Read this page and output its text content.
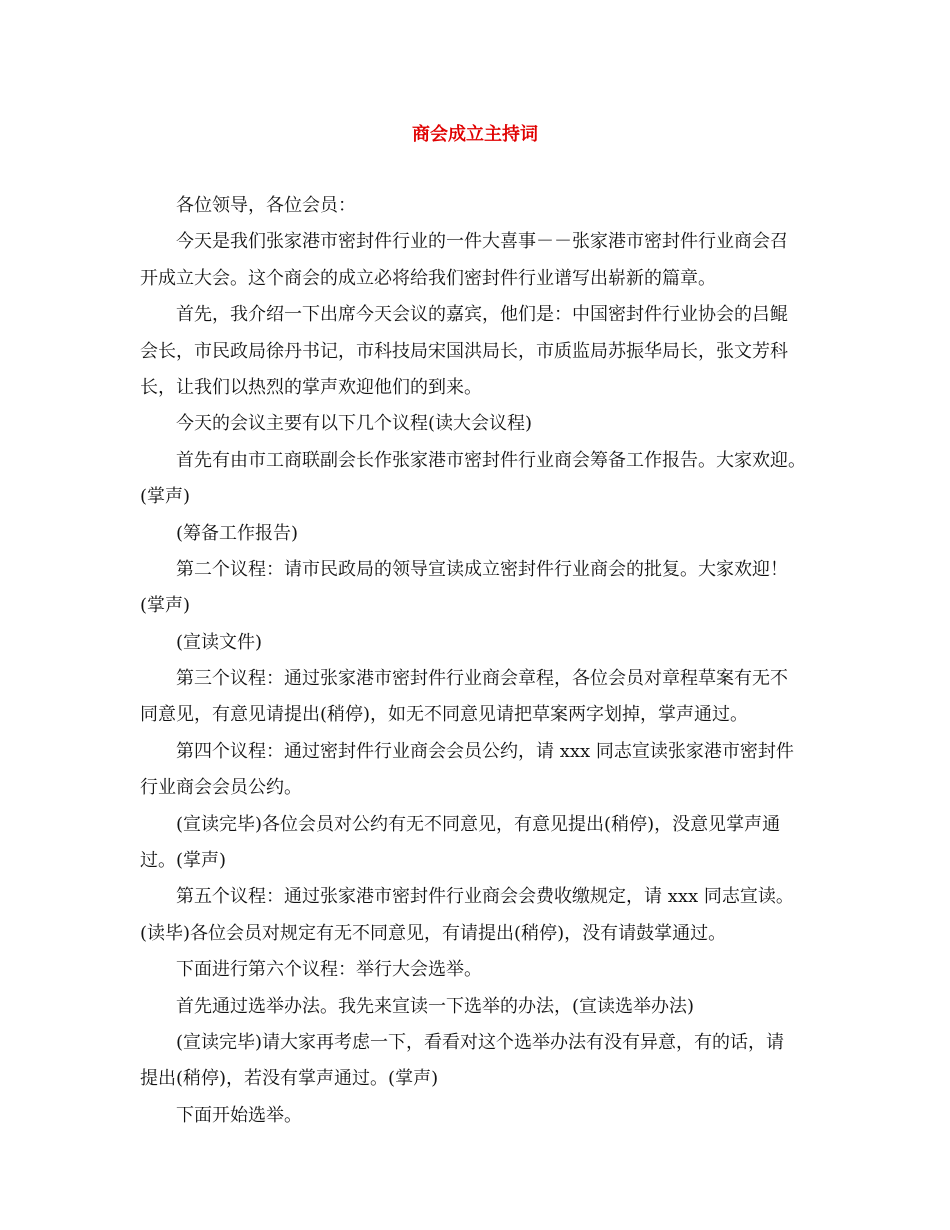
商会成立主持词

各位领导，各位会员：

今天是我们张家港市密封件行业的一件大喜事－－张家港市密封件行业商会召

开成立大会。这个商会的成立必将给我们密封件行业谱写出崭新的篇章。

首先，我介绍一下出席今天会议的嘉宾，他们是：中国密封件行业协会的吕鲲

会长，市民政局徐丹书记，市科技局宋国洪局长，市质监局苏振华局长，张文芳科

长，让我们以热烈的掌声欢迎他们的到来。

今天的会议主要有以下几个议程(读大会议程)

首先有由市工商联副会长作张家港市密封件行业商会筹备工作报告。大家欢迎。

(掌声)

(筹备工作报告)

第二个议程：请市民政局的领导宣读成立密封件行业商会的批复。大家欢迎！

(掌声)

(宣读文件)

第三个议程：通过张家港市密封件行业商会章程，各位会员对章程草案有无不

同意见，有意见请提出(稍停)，如无不同意见请把草案两字划掉，掌声通过。

第四个议程：通过密封件行业商会会员公约，请 xxx 同志宣读张家港市密封件

行业商会会员公约。

(宣读完毕)各位会员对公约有无不同意见，有意见提出(稍停)，没意见掌声通

过。(掌声)

第五个议程：通过张家港市密封件行业商会会费收缴规定，请 xxx 同志宣读。

(读毕)各位会员对规定有无不同意见，有请提出(稍停)，没有请鼓掌通过。

下面进行第六个议程：举行大会选举。

首先通过选举办法。我先来宣读一下选举的办法，(宣读选举办法)

(宣读完毕)请大家再考虑一下，看看对这个选举办法有没有异意，有的话，请

提出(稍停)，若没有掌声通过。(掌声)

下面开始选举。
